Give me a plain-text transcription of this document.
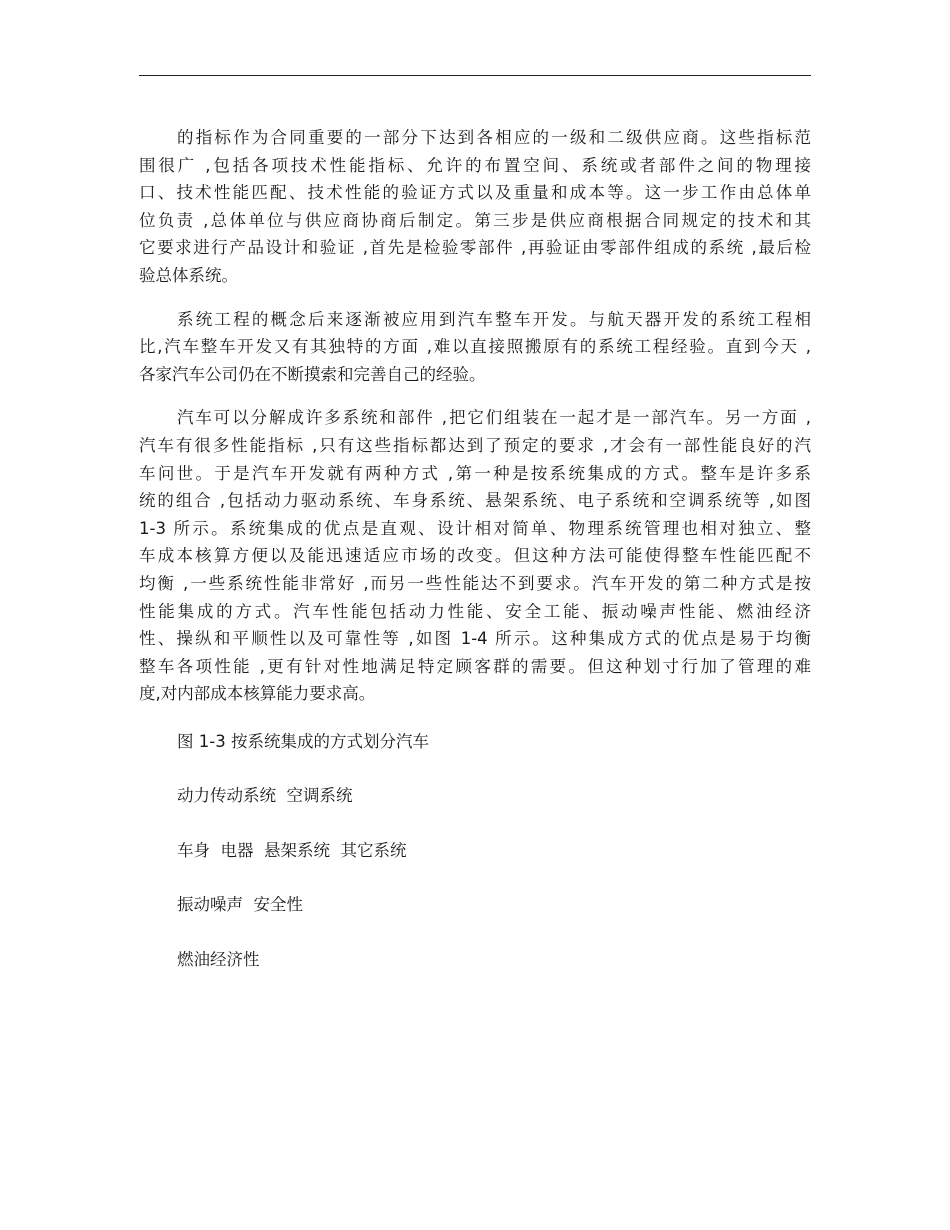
的指标作为合同重要的一部分下达到各相应的一级和二级供应商。这些指标范
围很广 ,包括各项技术性能指标、允许的布置空间、系统或者部件之间的物理接
口、技术性能匹配、技术性能的验证方式以及重量和成本等。这一步工作由总体单
位负责 ,总体单位与供应商协商后制定。第三步是供应商根据合同规定的技术和其
它要求进行产品设计和验证 ,首先是检验零部件 ,再验证由零部件组成的系统 ,最后检
验总体系统。
系统工程的概念后来逐渐被应用到汽车整车开发。与航天器开发的系统工程相
比,汽车整车开发又有其独特的方面 ,难以直接照搬原有的系统工程经验。直到今天 ,
各家汽车公司仍在不断摸索和完善自己的经验。
汽车可以分解成许多系统和部件 ,把它们组装在一起才是一部汽车。另一方面 ,
汽车有很多性能指标 ,只有这些指标都达到了预定的要求 ,才会有一部性能良好的汽
车问世。于是汽车开发就有两种方式 ,第一种是按系统集成的方式。整车是许多系
统的组合 ,包括动力驱动系统、车身系统、悬架系统、电子系统和空调系统等 ,如图
1-3 所示。系统集成的优点是直观、设计相对简单、物理系统管理也相对独立、整
车成本核算方便以及能迅速适应市场的改变。但这种方法可能使得整车性能匹配不
均衡 ,一些系统性能非常好 ,而另一些性能达不到要求。汽车开发的第二种方式是按
性能集成的方式。汽车性能包括动力性能、安全工能、振动噪声性能、燃油经济
性、操纵和平顺性以及可靠性等 ,如图 1-4 所示。这种集成方式的优点是易于均衡
整车各项性能 ,更有针对性地满足特定顾客群的需要。但这种划寸行加了管理的难
度,对内部成本核算能力要求高。
图 1-3 按系统集成的方式划分汽车
动力传动系统  空调系统
车身  电器  悬架系统  其它系统
振动噪声  安全性
燃油经济性
